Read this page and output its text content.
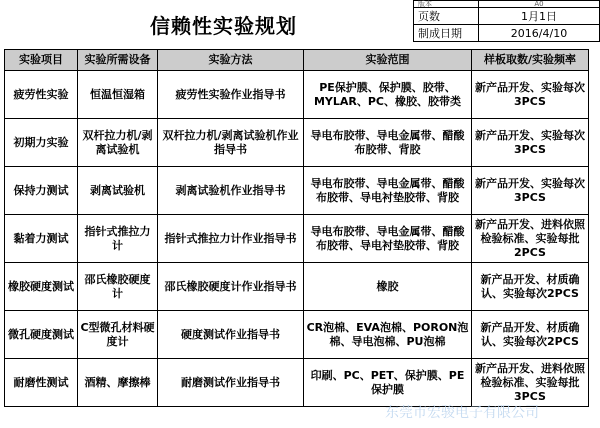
信赖性实验规划
版本	A0
页数	1月1日
制成日期	2016/4/10
实验项目	实验所需设备	实验方法	实验范围	样板取数/实验频率
疲劳性实验	恒温恒湿箱	疲劳性实验作业指导书	PE保护膜、保护膜、胶带、MYLAR、PC、橡胶、胶带类	新产品开发、实验每次3PCS
初期力实验	双杆拉力机/剥离试验机	双杆拉力机/剥离试验机作业指导书	导电布胶带、导电金属带、醋酸布胶带、背胶	新产品开发、实验每次3PCS
保持力测试	剥离试验机	剥离试验机作业指导书	导电布胶带、导电金属带、醋酸布胶带、导电衬垫胶带、背胶	新产品开发、实验每次3PCS
黏着力测试	指针式推拉力计	指针式推拉力计作业指导书	导电布胶带、导电金属带、醋酸布胶带、导电衬垫胶带、背胶	新产品开发、进料依照检验标准、实验每批2PCS
橡胶硬度测试	邵氏橡胶硬度计	邵氏橡胶硬度计作业指导书	橡胶	新产品开发、材质确认、实验每次2PCS
微孔硬度测试	C型微孔材料硬度计	硬度测试作业指导书	CR泡棉、EVA泡棉、PORON泡棉、导电泡棉、PU泡棉	新产品开发、材质确认、实验每次2PCS
耐磨性测试	酒精、摩擦棒	耐磨测试作业指导书	印刷、PC、PET、保护膜、PE保护膜	新产品开发、进料依照检验标准、实验每批3PCS
东莞市宏骏电子有限公司
